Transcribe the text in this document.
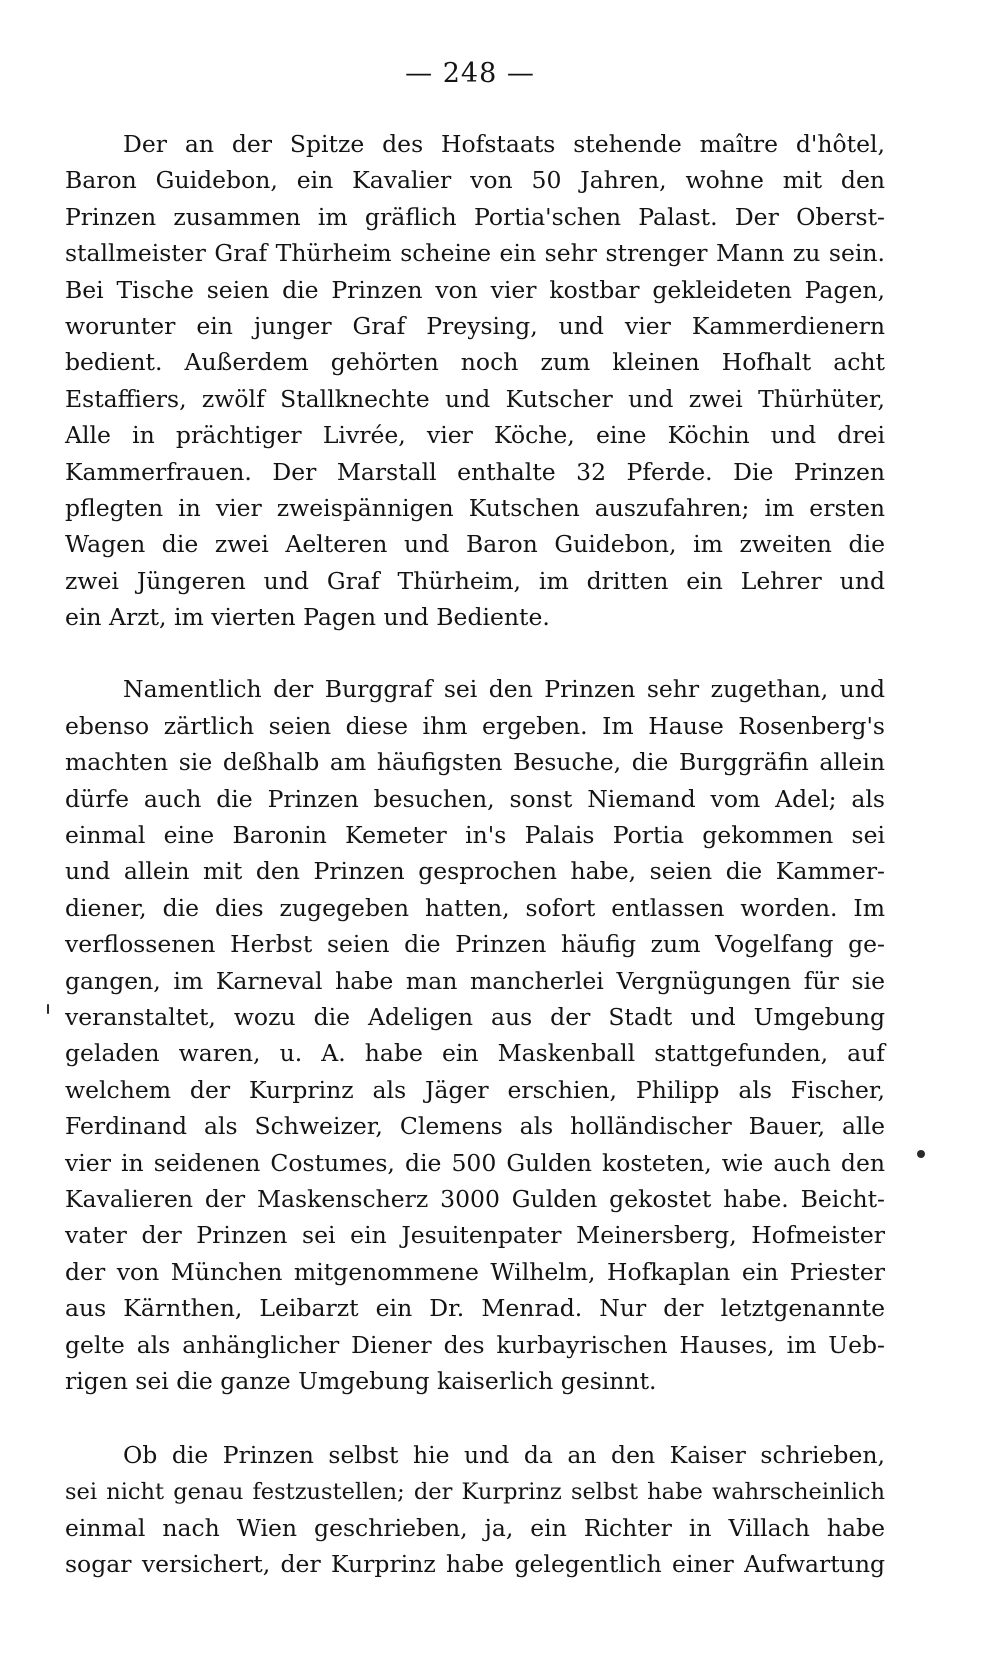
— 248 —
Der an der Spitze des Hofstaats stehende maître d'hôtel,
Baron Guidebon, ein Kavalier von 50 Jahren, wohne mit den
Prinzen zusammen im gräflich Portia'schen Palast. Der Oberst-
stallmeister Graf Thürheim scheine ein sehr strenger Mann zu sein.
Bei Tische seien die Prinzen von vier kostbar gekleideten Pagen,
worunter ein junger Graf Preysing, und vier Kammerdienern
bedient. Außerdem gehörten noch zum kleinen Hofhalt acht
Estaffiers, zwölf Stallknechte und Kutscher und zwei Thürhüter,
Alle in prächtiger Livrée, vier Köche, eine Köchin und drei
Kammerfrauen. Der Marstall enthalte 32 Pferde. Die Prinzen
pflegten in vier zweispännigen Kutschen auszufahren; im ersten
Wagen die zwei Aelteren und Baron Guidebon, im zweiten die
zwei Jüngeren und Graf Thürheim, im dritten ein Lehrer und
ein Arzt, im vierten Pagen und Bediente.
Namentlich der Burggraf sei den Prinzen sehr zugethan, und
ebenso zärtlich seien diese ihm ergeben. Im Hause Rosenberg's
machten sie deßhalb am häufigsten Besuche, die Burggräfin allein
dürfe auch die Prinzen besuchen, sonst Niemand vom Adel; als
einmal eine Baronin Kemeter in's Palais Portia gekommen sei
und allein mit den Prinzen gesprochen habe, seien die Kammer-
diener, die dies zugegeben hatten, sofort entlassen worden. Im
verflossenen Herbst seien die Prinzen häufig zum Vogelfang ge-
gangen, im Karneval habe man mancherlei Vergnügungen für sie
veranstaltet, wozu die Adeligen aus der Stadt und Umgebung
geladen waren, u. A. habe ein Maskenball stattgefunden, auf
welchem der Kurprinz als Jäger erschien, Philipp als Fischer,
Ferdinand als Schweizer, Clemens als holländischer Bauer, alle
vier in seidenen Costumes, die 500 Gulden kosteten, wie auch den
Kavalieren der Maskenscherz 3000 Gulden gekostet habe. Beicht-
vater der Prinzen sei ein Jesuitenpater Meinersberg, Hofmeister
der von München mitgenommene Wilhelm, Hofkaplan ein Priester
aus Kärnthen, Leibarzt ein Dr. Menrad. Nur der letztgenannte
gelte als anhänglicher Diener des kurbayrischen Hauses, im Ueb-
rigen sei die ganze Umgebung kaiserlich gesinnt.
Ob die Prinzen selbst hie und da an den Kaiser schrieben,
sei nicht genau festzustellen; der Kurprinz selbst habe wahrscheinlich
einmal nach Wien geschrieben, ja, ein Richter in Villach habe
sogar versichert, der Kurprinz habe gelegentlich einer Aufwartung
